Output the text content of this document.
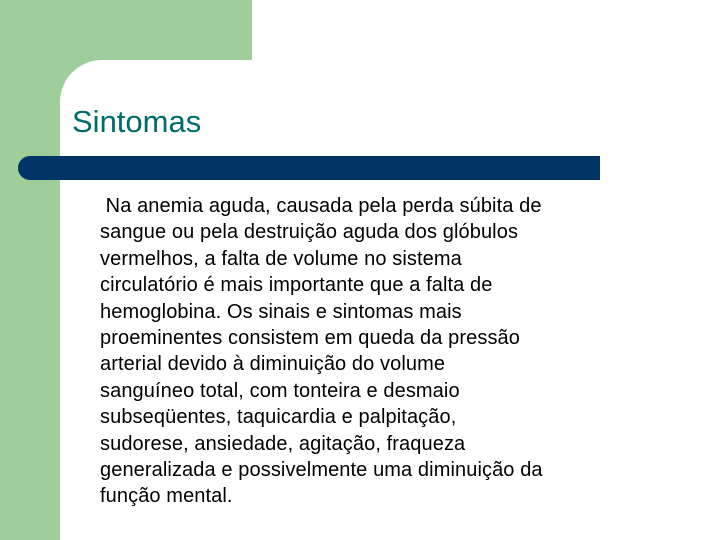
Sintomas

Na anemia aguda, causada pela perda súbita de
sangue ou pela destruição aguda dos glóbulos
vermelhos, a falta de volume no sistema
circulatório é mais importante que a falta de
hemoglobina. Os sinais e sintomas mais
proeminentes consistem em queda da pressão
arterial devido à diminuição do volume
sanguíneo total, com tonteira e desmaio
subseqüentes, taquicardia e palpitação,
sudorese, ansiedade, agitação, fraqueza
generalizada e possivelmente uma diminuição da
função mental.
